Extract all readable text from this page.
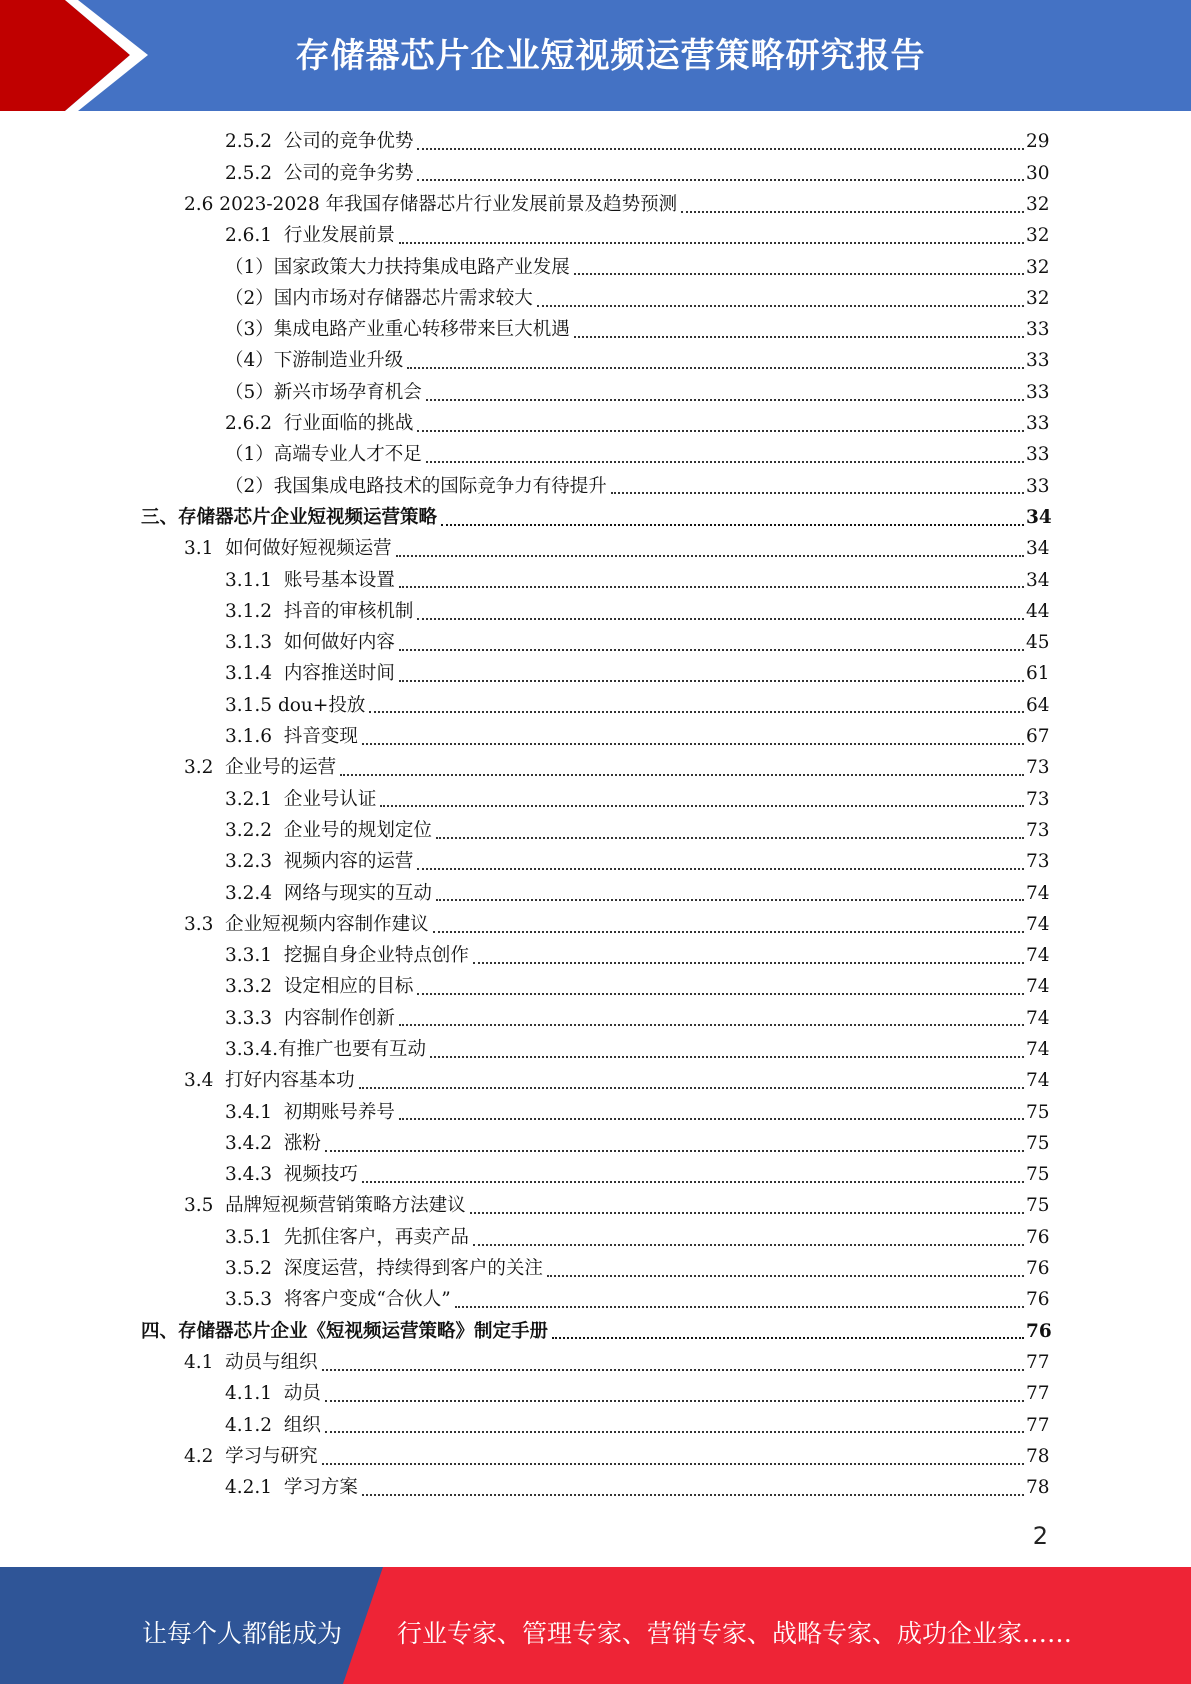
存储器芯片企业短视频运营策略研究报告
2.5.2  公司的竞争优势	29
2.5.2  公司的竞争劣势	30
2.6 2023-2028 年我国存储器芯片行业发展前景及趋势预测	32
2.6.1  行业发展前景	32
（1）国家政策大力扶持集成电路产业发展	32
（2）国内市场对存储器芯片需求较大	32
（3）集成电路产业重心转移带来巨大机遇	33
（4）下游制造业升级	33
（5）新兴市场孕育机会	33
2.6.2  行业面临的挑战	33
（1）高端专业人才不足	33
（2）我国集成电路技术的国际竞争力有待提升	33
三、存储器芯片企业短视频运营策略	34
3.1  如何做好短视频运营	34
3.1.1  账号基本设置	34
3.1.2  抖音的审核机制	44
3.1.3  如何做好内容	45
3.1.4  内容推送时间	61
3.1.5 dou+投放	64
3.1.6  抖音变现	67
3.2  企业号的运营	73
3.2.1  企业号认证	73
3.2.2  企业号的规划定位	73
3.2.3  视频内容的运营	73
3.2.4  网络与现实的互动	74
3.3  企业短视频内容制作建议	74
3.3.1  挖掘自身企业特点创作	74
3.3.2  设定相应的目标	74
3.3.3  内容制作创新	74
3.3.4.有推广也要有互动	74
3.4  打好内容基本功	74
3.4.1  初期账号养号	75
3.4.2  涨粉	75
3.4.3  视频技巧	75
3.5  品牌短视频营销策略方法建议	75
3.5.1  先抓住客户，再卖产品	76
3.5.2  深度运营，持续得到客户的关注	76
3.5.3  将客户变成“合伙人”	76
四、存储器芯片企业《短视频运营策略》制定手册	76
4.1  动员与组织	77
4.1.1  动员	77
4.1.2  组织	77
4.2  学习与研究	78
4.2.1  学习方案	78
2
让每个人都能成为 行业专家、管理专家、营销专家、战略专家、成功企业家……
